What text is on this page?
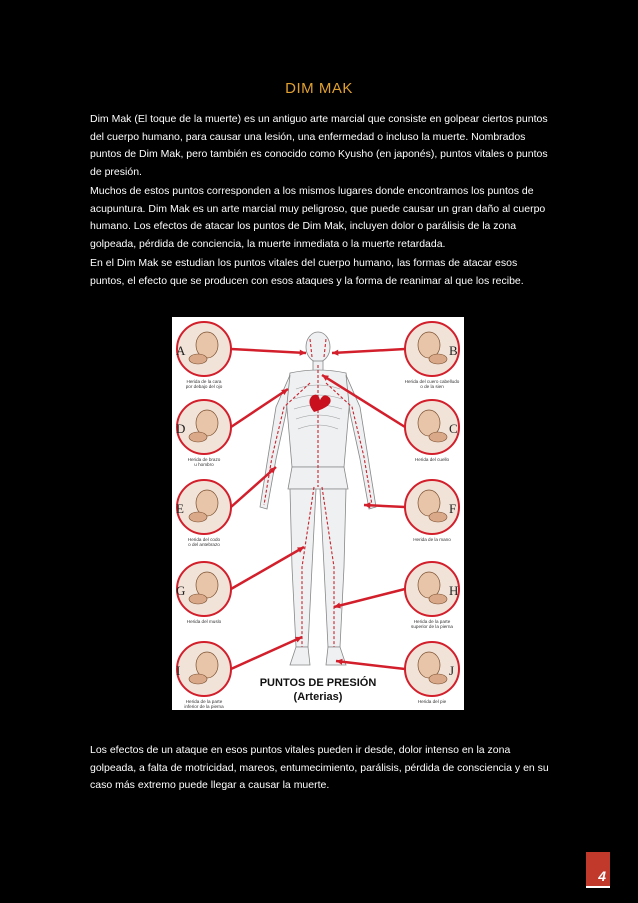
DIM MAK

Dim Mak (El toque de la muerte) es un antiguo arte marcial que consiste en golpear ciertos puntos del cuerpo humano, para causar una lesión, una enfermedad o incluso la muerte. Nombrados puntos de Dim Mak, pero también es conocido como Kyusho (en japonés), puntos vitales o puntos de presión.

Muchos de estos puntos corresponden a los mismos lugares donde encontramos los puntos de acupuntura. Dim Mak es un arte marcial muy peligroso, que puede causar un gran daño al cuerpo humano. Los efectos de atacar los puntos de Dim Mak, incluyen dolor o parálisis de la zona golpeada, pérdida de conciencia, la muerte inmediata o la muerte retardada.

En el Dim Mak se estudian los puntos vitales del cuerpo humano, las formas de atacar esos puntos, el efecto que se producen con esos ataques y la forma de reanimar al que los recibe.

A
Herida de la cara
por debajo del ojo
B
Herida del cuero cabelludo
o de la sien
D
Herida de brazo
u hombro
C
Herida del cuello
E
Herida del codo
o del antebrazo
F
Herida de la mano
G
Herida del muslo
H
Herida de la parte
superior de la pierna
I
Herida de la parte
inferior de la pierna
J
Herida del pie
PUNTOS DE PRESIÓN
(Arterias)

Los efectos de un ataque en esos puntos vitales pueden ir desde, dolor intenso en la zona golpeada, a falta de motricidad, mareos, entumecimiento, parálisis, pérdida de consciencia y en su caso más extremo puede llegar a causar la muerte.

4
